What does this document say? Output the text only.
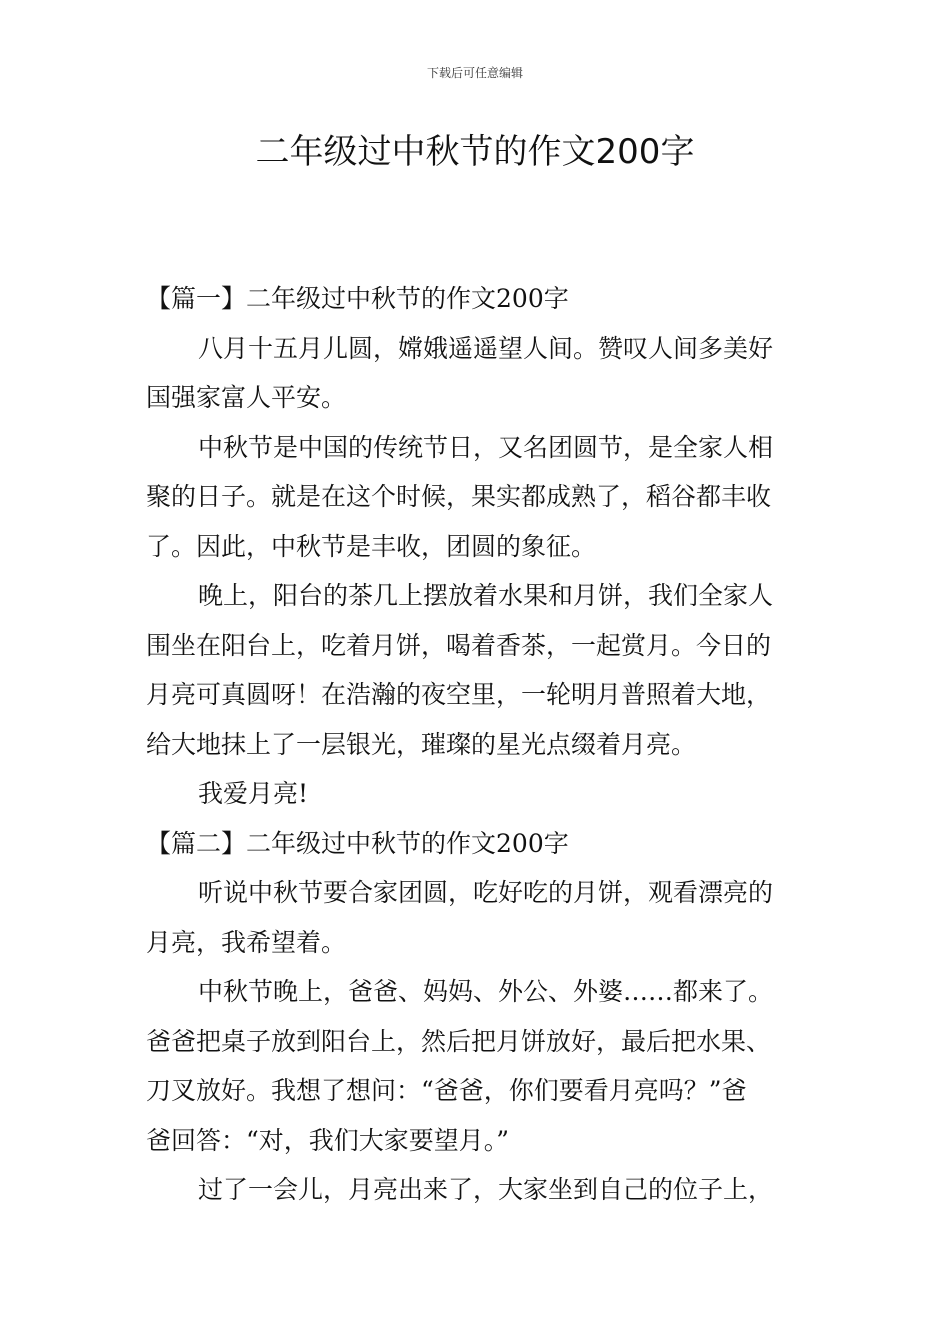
下载后可任意编辑
二年级过中秋节的作文200字
【篇一】二年级过中秋节的作文200字
八月十五月儿圆，嫦娥遥遥望人间。赞叹人间多美好
国强家富人平安。
中秋节是中国的传统节日，又名团圆节，是全家人相
聚的日子。就是在这个时候，果实都成熟了，稻谷都丰收
了。因此，中秋节是丰收，团圆的象征。
晚上，阳台的茶几上摆放着水果和月饼，我们全家人
围坐在阳台上，吃着月饼，喝着香茶，一起赏月。今日的
月亮可真圆呀！在浩瀚的夜空里，一轮明月普照着大地，
给大地抹上了一层银光，璀璨的星光点缀着月亮。
我爱月亮!
【篇二】二年级过中秋节的作文200字
听说中秋节要合家团圆，吃好吃的月饼，观看漂亮的
月亮，我希望着。
中秋节晚上，爸爸、妈妈、外公、外婆……都来了。
爸爸把桌子放到阳台上，然后把月饼放好，最后把水果、
刀叉放好。我想了想问：“爸爸，你们要看月亮吗？”爸
爸回答：“对，我们大家要望月。”
过了一会儿，月亮出来了，大家坐到自己的位子上，
